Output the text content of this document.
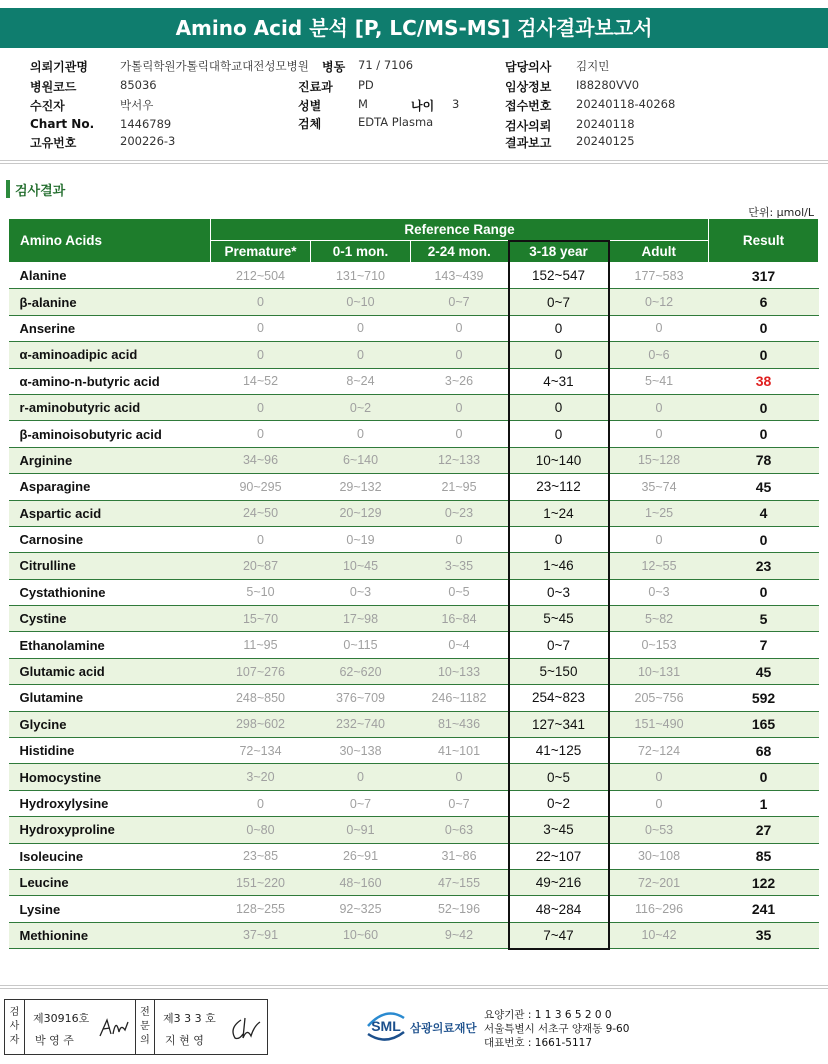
Amino Acid 분석 [P, LC/MS-MS] 검사결과보고서
의뢰기관명	가톨릭학원가톨릭대학교대전성모병원 병동 71 / 7106	담당의사 김지민
병원코드	85036	진료과 PD	임상정보 I88280VV0
수진자	박서우	성별	M	나이 3	접수번호 20240118-40268
Chart No. 1446789	검체	EDTA Plasma	검사의뢰 20240118
고유번호	200226-3	결과보고 20240125
검사결과
단위: μmol/L
Amino Acids	Reference Range					Result
	Premature*	0-1 mon.	2-24 mon.	3-18 year	Adult	
Alanine	212~504	131~710	143~439	152~547	177~583	317
β-alanine	0	0~10	0~7	0~7	0~12	6
Anserine	0	0	0	0	0	0
α-aminoadipic acid	0	0	0	0	0~6	0
α-amino-n-butyric acid	14~52	8~24	3~26	4~31	5~41	38
r-aminobutyric acid	0	0~2	0	0	0	0
β-aminoisobutyric acid	0	0	0	0	0	0
Arginine	34~96	6~140	12~133	10~140	15~128	78
Asparagine	90~295	29~132	21~95	23~112	35~74	45
Aspartic acid	24~50	20~129	0~23	1~24	1~25	4
Carnosine	0	0~19	0	0	0	0
Citrulline	20~87	10~45	3~35	1~46	12~55	23
Cystathionine	5~10	0~3	0~5	0~3	0~3	0
Cystine	15~70	17~98	16~84	5~45	5~82	5
Ethanolamine	11~95	0~115	0~4	0~7	0~153	7
Glutamic acid	107~276	62~620	10~133	5~150	10~131	45
Glutamine	248~850	376~709	246~1182	254~823	205~756	592
Glycine	298~602	232~740	81~436	127~341	151~490	165
Histidine	72~134	30~138	41~101	41~125	72~124	68
Homocystine	3~20	0	0	0~5	0	0
Hydroxylysine	0	0~7	0~7	0~2	0	1
Hydroxyproline	0~80	0~91	0~63	3~45	0~53	27
Isoleucine	23~85	26~91	31~86	22~107	30~108	85
Leucine	151~220	48~160	47~155	49~216	72~201	122
Lysine	128~255	92~325	52~196	48~284	116~296	241
Methionine	37~91	10~60	9~42	7~47	10~42	35
검사자
제30916호
박 영 주
전문의
제3 3 3 호
지 현 영
SML 삼광의료재단
요양기관 : 1 1 3 6 5 2 0 0
서울특별시 서초구 양재동 9-60
대표번호 : 1661-5117
